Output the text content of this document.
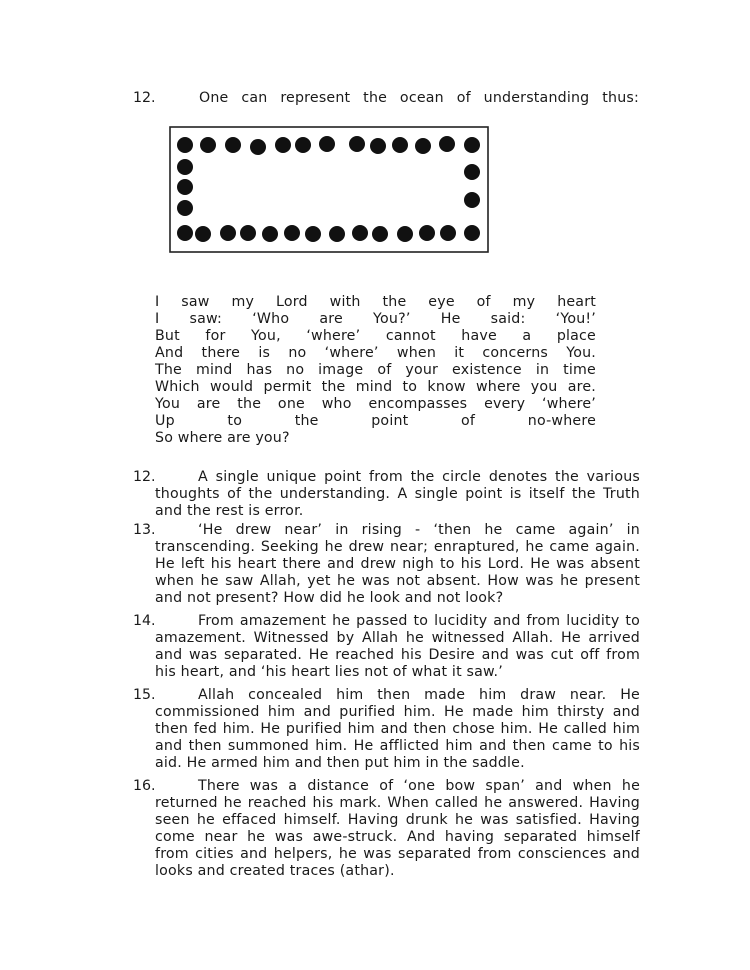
12.	One can represent the ocean of understanding thus:
I saw my Lord with the eye of my heart
I saw: ‘Who are You?’ He said: ‘You!’
But for You, ‘where’ cannot have a place
And there is no ‘where’ when it concerns You.
The mind has no image of your existence in time
Which would permit the mind to know where you are.
You are the one who encompasses every ‘where’
Up to the point of no-where
So where are you?
12.	A single unique point from the circle denotes the various
thoughts of the understanding. A single point is itself the Truth
and the rest is error.
13.	‘He drew near’ in rising - ‘then he came again’ in
transcending. Seeking he drew near; enraptured, he came again.
He left his heart there and drew nigh to his Lord. He was absent
when he saw Allah, yet he was not absent. How was he present
and not present? How did he look and not look?
14.	From amazement he passed to lucidity and from lucidity to
amazement. Witnessed by Allah he witnessed Allah. He arrived
and was separated. He reached his Desire and was cut off from
his heart, and ‘his heart lies not of what it saw.’
15.	Allah concealed him then made him draw near. He
commissioned him and purified him. He made him thirsty and
then fed him. He purified him and then chose him. He called him
and then summoned him. He afflicted him and then came to his
aid. He armed him and then put him in the saddle.
16.	There was a distance of ‘one bow span’ and when he
returned he reached his mark. When called he answered. Having
seen he effaced himself. Having drunk he was satisfied. Having
come near he was awe-struck. And having separated himself
from cities and helpers, he was separated from consciences and
looks and created traces (athar).
